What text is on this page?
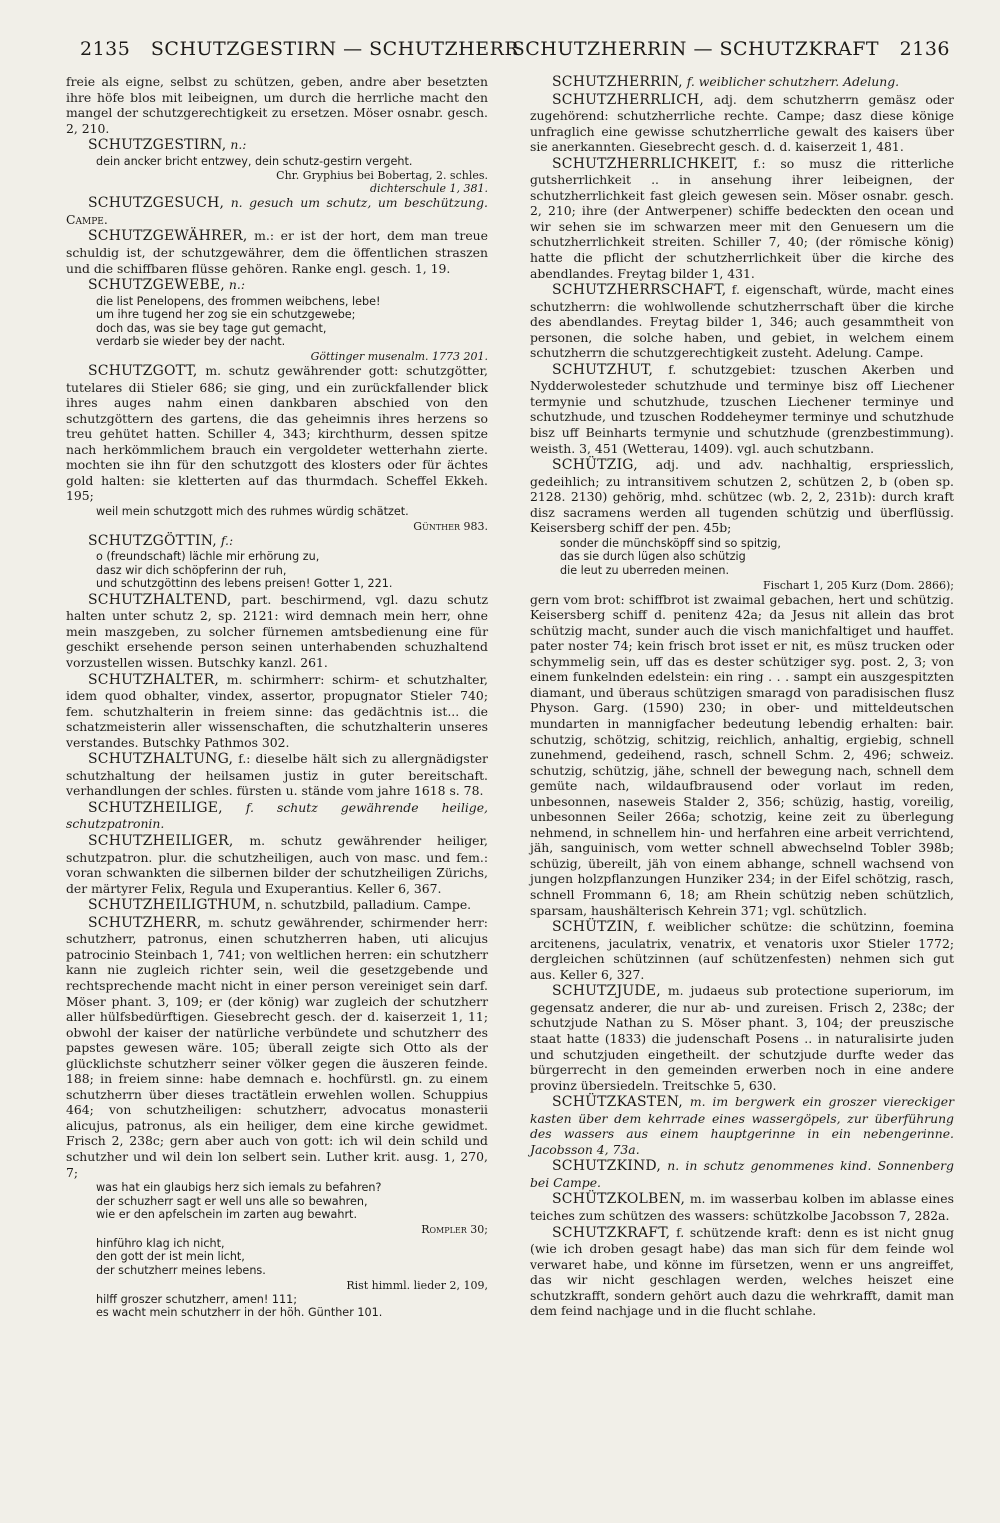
2135 SCHUTZGESTIRN — SCHUTZHERR
SCHUTZHERRIN — SCHUTZKRAFT 2136

freie als eigne, selbst zu schützen, geben, andre aber besetzten ihre höfe blos mit leibeignen, um durch die herrliche macht den mangel der schutzgerechtigkeit zu ersetzen. Möser osnabr. gesch. 2, 210.

SCHUTZGESTIRN, n.:

dein ancker bricht entzwey, dein schutz-gestirn vergeht.
Chr. Gryphius bei Bobertag, 2. schles.
dichterschule 1, 381.

SCHUTZGESUCH, n. gesuch um schutz, um beschützung. Campe.

SCHUTZGEWÄHRER, m.: er ist der hort, dem man treue schuldig ist, der schutzgewährer, dem die öffentlichen straszen und die schiffbaren flüsse gehören. Ranke engl. gesch. 1, 19.

SCHUTZGEWEBE, n.:

die list Penelopens, des frommen weibchens, lebe!
um ihre tugend her zog sie ein schutzgewebe;
doch das, was sie bey tage gut gemacht,
verdarb sie wieder bey der nacht.
Göttinger musenalm. 1773 201.

SCHUTZGOTT, m. schutz gewährender gott: schutzgötter, tutelares dii Stieler 686; sie ging, und ein zurückfallender blick ihres auges nahm einen dankbaren abschied von den schutzgöttern des gartens, die das geheimnis ihres herzens so treu gehütet hatten. Schiller 4, 343; kirchthurm, dessen spitze nach herkömmlichem brauch ein vergoldeter wetterhahn zierte. mochten sie ihn für den schutzgott des klosters oder für ächtes gold halten: sie kletterten auf das thurmdach. Scheffel Ekkeh. 195;

weil mein schutzgott mich des ruhmes würdig schätzet.
Günther 983.

SCHUTZGÖTTIN, f.:

o (freundschaft) lächle mir erhörung zu,
dasz wir dich schöpferinn der ruh,
und schutzgöttinn des lebens preisen! Gotter 1, 221.

SCHUTZHALTEND, part. beschirmend, vgl. dazu schutz halten unter schutz 2, sp. 2121: wird demnach mein herr, ohne mein maszgeben, zu solcher fürnemen amtsbedienung eine für geschikt ersehende person seinen unterhabenden schuzhaltend vorzustellen wissen. Butschky kanzl. 261.

SCHUTZHALTER, m. schirmherr: schirm- et schutzhalter, idem quod obhalter, vindex, assertor, propugnator Stieler 740; fem. schutzhalterin in freiem sinne: das gedächtnis ist... die schatzmeisterin aller wissenschaften, die schutzhalterin unseres verstandes. Butschky Pathmos 302.

SCHUTZHALTUNG, f.: dieselbe hält sich zu allergnädigster schutzhaltung der heilsamen justiz in guter bereitschaft. verhandlungen der schles. fürsten u. stände vom jahre 1618 s. 78.

SCHUTZHEILIGE, f. schutz gewährende heilige, schutzpatronin.

SCHUTZHEILIGER, m. schutz gewährender heiliger, schutzpatron. plur. die schutzheiligen, auch von masc. und fem.: voran schwankten die silbernen bilder der schutzheiligen Zürichs, der märtyrer Felix, Regula und Exuperantius. Keller 6, 367.

SCHUTZHEILIGTHUM, n. schutzbild, palladium. Campe.

SCHUTZHERR, m. schutz gewährender, schirmender herr: schutzherr, patronus, einen schutzherren haben, uti alicujus patrocinio Steinbach 1, 741; von weltlichen herren: ein schutzherr kann nie zugleich richter sein, weil die gesetzgebende und rechtsprechende macht nicht in einer person vereiniget sein darf. Möser phant. 3, 109; er (der könig) war zugleich der schutzherr aller hülfsbedürftigen. Giesebrecht gesch. der d. kaiserzeit 1, 11; obwohl der kaiser der natürliche verbündete und schutzherr des papstes gewesen wäre. 105; überall zeigte sich Otto als der glücklichste schutzherr seiner völker gegen die äuszeren feinde. 188; in freiem sinne: habe demnach e. hochfürstl. gn. zu einem schutzherrn über dieses tractätlein erwehlen wollen. Schuppius 464; von schutzheiligen: schutzherr, advocatus monasterii alicujus, patronus, als ein heiliger, dem eine kirche gewidmet. Frisch 2, 238c; gern aber auch von gott: ich wil dein schild und schutzher und wil dein lon selbert sein. Luther krit. ausg. 1, 270, 7;

was hat ein glaubigs herz sich iemals zu befahren?
der schuzherr sagt er well uns alle so bewahren,
wie er den apfelschein im zarten aug bewahrt.
Rompler 30;
hinführo klag ich nicht,
den gott der ist mein licht,
der schutzherr meines lebens.
Rist himml. lieder 2, 109,
hilff groszer schutzherr, amen! 111;
es wacht mein schutzherr in der höh. Günther 101.

SCHUTZHERRIN, f. weiblicher schutzherr. Adelung.

SCHUTZHERRLICH, adj. dem schutzherrn gemäsz oder zugehörend: schutzherrliche rechte. Campe; dasz diese könige unfraglich eine gewisse schutzherrliche gewalt des kaisers über sie anerkannten. Giesebrecht gesch. d. d. kaiserzeit 1, 481.

SCHUTZHERRLICHKEIT, f.: so musz die ritterliche gutsherrlichkeit .. in ansehung ihrer leibeignen, der schutzherrlichkeit fast gleich gewesen sein. Möser osnabr. gesch. 2, 210; ihre (der Antwerpener) schiffe bedeckten den ocean und wir sehen sie im schwarzen meer mit den Genuesern um die schutzherrlichkeit streiten. Schiller 7, 40; (der römische könig) hatte die pflicht der schutzherrlichkeit über die kirche des abendlandes. Freytag bilder 1, 431.

SCHUTZHERRSCHAFT, f. eigenschaft, würde, macht eines schutzherrn: die wohlwollende schutzherrschaft über die kirche des abendlandes. Freytag bilder 1, 346; auch gesammtheit von personen, die solche haben, und gebiet, in welchem einem schutzherrn die schutzgerechtigkeit zusteht. Adelung. Campe.

SCHUTZHUT, f. schutzgebiet: tzuschen Akerben und Nydderwolesteder schutzhude und terminye bisz off Liechener termynie und schutzhude, tzuschen Liechener terminye und schutzhude, und tzuschen Roddeheymer terminye und schutzhude bisz uff Beinharts termynie und schutzhude (grenzbestimmung). weisth. 3, 451 (Wetterau, 1409). vgl. auch schutzbann.

SCHÜTZIG, adj. und adv. nachhaltig, erspriesslich, gedeihlich; zu intransitivem schutzen 2, schützen 2, b (oben sp. 2128. 2130) gehörig, mhd. schützec (wb. 2, 2, 231b): durch kraft disz sacramens werden all tugenden schützig und überflüssig. Keisersberg schiff der pen. 45b;

sonder die münchsköpff sind so spitzig,
das sie durch lügen also schützig
die leut zu uberreden meinen.
Fischart 1, 205 Kurz (Dom. 2866);

gern vom brot: schiffbrot ist zwaimal gebachen, hert und schützig. Keisersberg schiff d. penitenz 42a; da Jesus nit allein das brot schützig macht, sunder auch die visch manichfaltiget und hauffet. pater noster 74; kein frisch brot isset er nit, es müsz trucken oder schymmelig sein, uff das es dester schütziger syg. post. 2, 3; von einem funkelnden edelstein: ein ring . . . sampt ein auszgespitzten diamant, und überaus schützigen smaragd von paradisischen flusz Physon. Garg. (1590) 230; in ober- und mitteldeutschen mundarten in mannigfacher bedeutung lebendig erhalten: bair. schutzig, schötzig, schitzig, reichlich, anhaltig, ergiebig, schnell zunehmend, gedeihend, rasch, schnell Schm. 2, 496; schweiz. schutzig, schützig, jähe, schnell der bewegung nach, schnell dem gemüte nach, wildaufbrausend oder vorlaut im reden, unbesonnen, naseweis Stalder 2, 356; schüzig, hastig, voreilig, unbesonnen Seiler 266a; schotzig, keine zeit zu überlegung nehmend, in schnellem hin- und herfahren eine arbeit verrichtend, jäh, sanguinisch, vom wetter schnell abwechselnd Tobler 398b; schüzig, übereilt, jäh von einem abhange, schnell wachsend von jungen holzpflanzungen Hunziker 234; in der Eifel schötzig, rasch, schnell Frommann 6, 18; am Rhein schützig neben schützlich, sparsam, haushälterisch Kehrein 371; vgl. schützlich.

SCHÜTZIN, f. weiblicher schütze: die schützinn, foemina arcitenens, jaculatrix, venatrix, et venatoris uxor Stieler 1772; dergleichen schützinnen (auf schützenfesten) nehmen sich gut aus. Keller 6, 327.

SCHUTZJUDE, m. judaeus sub protectione superiorum, im gegensatz anderer, die nur ab- und zureisen. Frisch 2, 238c; der schutzjude Nathan zu S. Möser phant. 3, 104; der preuszische staat hatte (1833) die judenschaft Posens .. in naturalisirte juden und schutzjuden eingetheilt. der schutzjude durfte weder das bürgerrecht in den gemeinden erwerben noch in eine andere provinz übersiedeln. Treitschke 5, 630.

SCHÜTZKASTEN, m. im bergwerk ein groszer viereckiger kasten über dem kehrrade eines wassergöpels, zur überführung des wassers aus einem hauptgerinne in ein nebengerinne. Jacobsson 4, 73a.

SCHUTZKIND, n. in schutz genommenes kind. Sonnenberg bei Campe.

SCHÜTZKOLBEN, m. im wasserbau kolben im ablasse eines teiches zum schützen des wassers: schützkolbe Jacobsson 7, 282a.

SCHUTZKRAFT, f. schützende kraft: denn es ist nicht gnug (wie ich droben gesagt habe) das man sich für dem feinde wol verwaret habe, und könne im fürsetzen, wenn er uns angreiffet, das wir nicht geschlagen werden, welches heiszet eine schutzkrafft, sondern gehört auch dazu die wehrkrafft, damit man dem feind nachjage und in die flucht schlahe.
